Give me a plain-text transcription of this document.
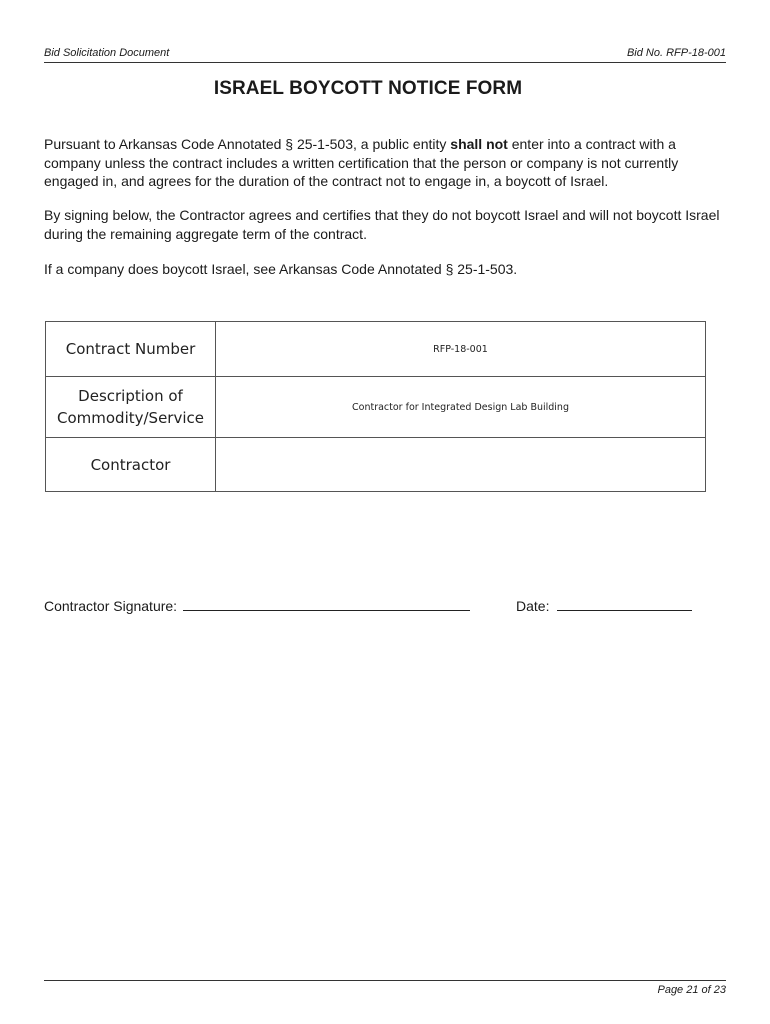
Bid Solicitation Document	Bid No. RFP-18-001
ISRAEL BOYCOTT NOTICE FORM

Pursuant to Arkansas Code Annotated § 25-1-503, a public entity shall not enter into a contract with a company unless the contract includes a written certification that the person or company is not currently engaged in, and agrees for the duration of the contract not to engage in, a boycott of Israel.

By signing below, the Contractor agrees and certifies that they do not boycott Israel and will not boycott Israel during the remaining aggregate term of the contract.

If a company does boycott Israel, see Arkansas Code Annotated § 25-1-503.

Contract Number	RFP-18-001
Description of
Commodity/Service	Contractor for Integrated Design Lab Building
Contractor	
Contractor Signature:	Date:
Page 21 of 23
